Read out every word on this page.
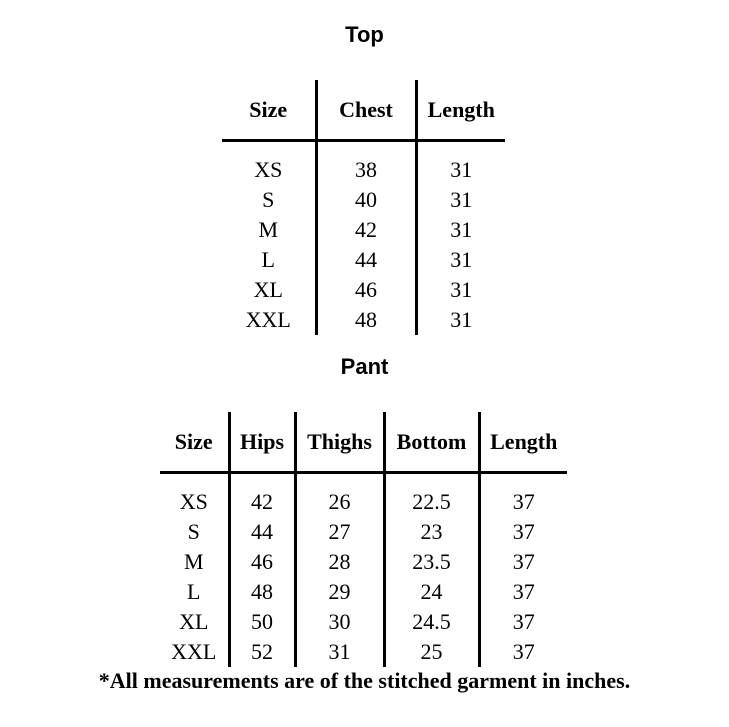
Top
Size	Chest	Length

XS	38	31
S	40	31
M	42	31
L	44	31
XL	46	31
XXL	48	31
Pant
Size	Hips	Thighs	Bottom	Length

XS	42	26	22.5	37
S	44	27	23	37
M	46	28	23.5	37
L	48	29	24	37
XL	50	30	24.5	37
XXL	52	31	25	37
*All measurements are of the stitched garment in inches.
